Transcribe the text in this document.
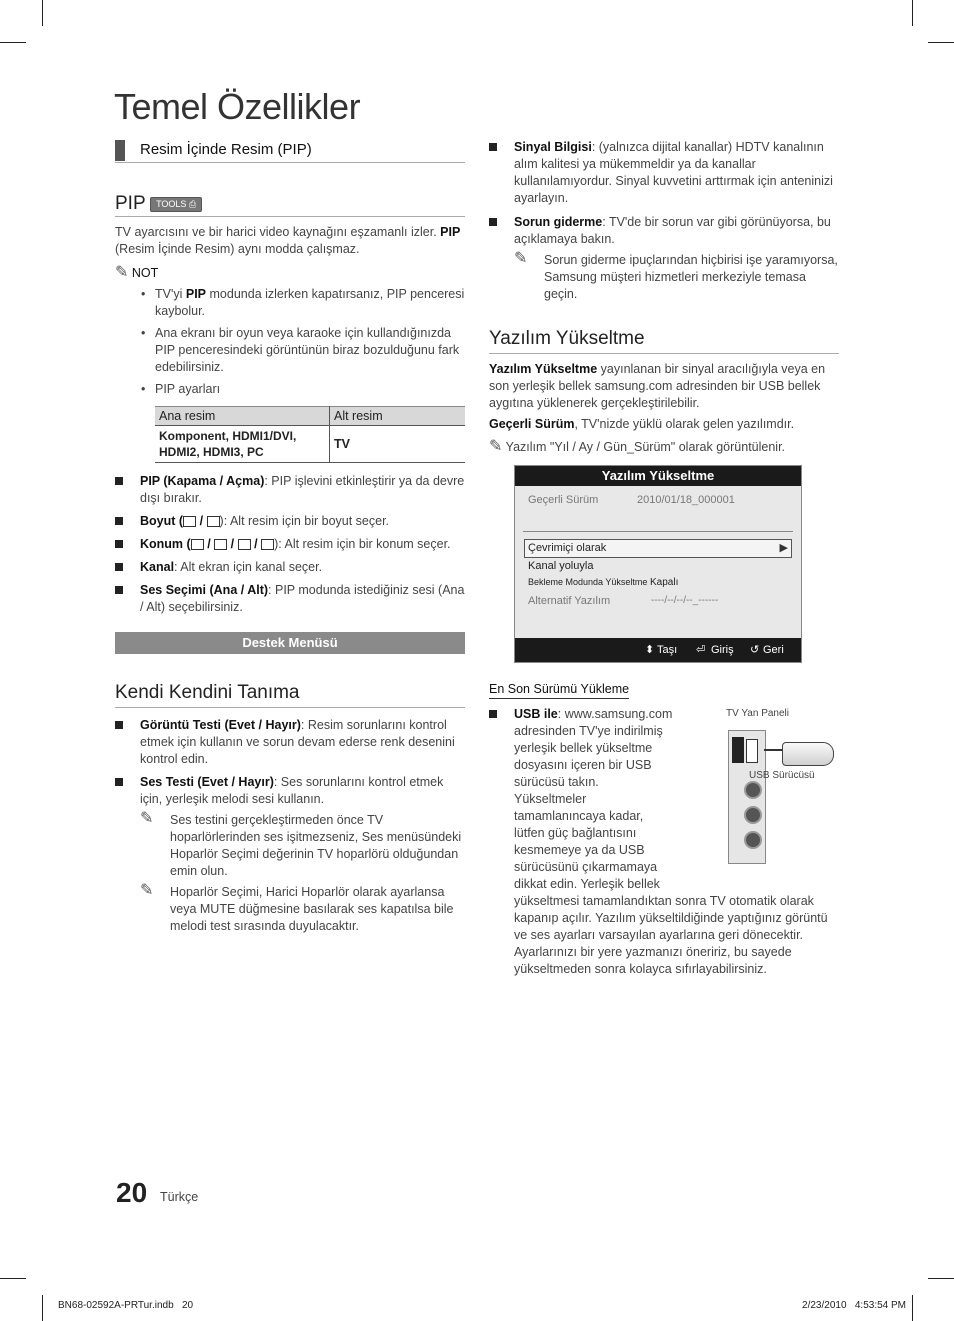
Temel Özellikler
Resim İçinde Resim (PIP)
PIP TOOLS ⎙
TV ayarcısını ve bir harici video kaynağını eşzamanlı izler. PIP (Resim İçinde Resim) aynı modda çalışmaz.
✎ NOT
• TV'yi PIP modunda izlerken kapatırsanız, PIP penceresi kaybolur.
• Ana ekranı bir oyun veya karaoke için kullandığınızda PIP penceresindeki görüntünün biraz bozulduğunu fark edebilirsiniz.
• PIP ayarları
Ana resim	Alt resim
Komponent, HDMI1/DVI, HDMI2, HDMI3, PC	TV
PIP (Kapama / Açma): PIP işlevini etkinleştirir ya da devre dışı bırakır.
Boyut ( / ): Alt resim için bir boyut seçer.
Konum ( / / / ): Alt resim için bir konum seçer.
Kanal: Alt ekran için kanal seçer.
Ses Seçimi (Ana / Alt): PIP modunda istediğiniz sesi (Ana / Alt) seçebilirsiniz.
Destek Menüsü
Kendi Kendini Tanıma
Görüntü Testi (Evet / Hayır): Resim sorunlarını kontrol etmek için kullanın ve sorun devam ederse renk desenini kontrol edin.
Ses Testi (Evet / Hayır): Ses sorunlarını kontrol etmek için, yerleşik melodi sesi kullanın.
✎ Ses testini gerçekleştirmeden önce TV hoparlörlerinden ses işitmezseniz, Ses menüsündeki Hoparlör Seçimi değerinin TV hoparlörü olduğundan emin olun.
✎ Hoparlör Seçimi, Harici Hoparlör olarak ayarlansa veya MUTE düğmesine basılarak ses kapatılsa bile melodi test sırasında duyulacaktır.
Sinyal Bilgisi: (yalnızca dijital kanallar) HDTV kanalının alım kalitesi ya mükemmeldir ya da kanallar kullanılamıyordur. Sinyal kuvvetini arttırmak için anteninizi ayarlayın.
Sorun giderme: TV'de bir sorun var gibi görünüyorsa, bu açıklamaya bakın.
✎ Sorun giderme ipuçlarından hiçbirisi işe yaramıyorsa, Samsung müşteri hizmetleri merkeziyle temasa geçin.
Yazılım Yükseltme
Yazılım Yükseltme yayınlanan bir sinyal aracılığıyla veya en son yerleşik bellek samsung.com adresinden bir USB bellek aygıtına yüklenerek gerçekleştirilebilir.
Geçerli Sürüm, TV'nizde yüklü olarak gelen yazılımdır.
✎ Yazılım "Yıl / Ay / Gün_Sürüm" olarak görüntülenir.
Yazılım Yükseltme
Geçerli Sürüm	2010/01/18_000001
Çevrimiçi olarak	▶
Kanal yoluyla
Bekleme Modunda Yükseltme Kapalı
Alternatif Yazılım	----/--/--/--_------
⬍ Taşı ⏎ Giriş ↺ Geri
En Son Sürümü Yükleme
TV Yan Paneli
USB Sürücüsü
USB ile: www.samsung.com adresinden TV'ye indirilmiş yerleşik bellek yükseltme dosyasını içeren bir USB sürücüsü takın. Yükseltmeler tamamlanıncaya kadar, lütfen güç bağlantısını kesmemeye ya da USB sürücüsünü çıkarmamaya dikkat edin. Yerleşik bellek yükseltmesi tamamlandıktan sonra TV otomatik olarak kapanıp açılır. Yazılım yükseltildiğinde yaptığınız görüntü ve ses ayarları varsayılan ayarlarına geri dönecektir. Ayarlarınızı bir yere yazmanızı öneririz, bu sayede yükseltmeden sonra kolayca sıfırlayabilirsiniz.
20 Türkçe
BN68-02592A-PRTur.indb   20	2/23/2010   4:53:54 PM
